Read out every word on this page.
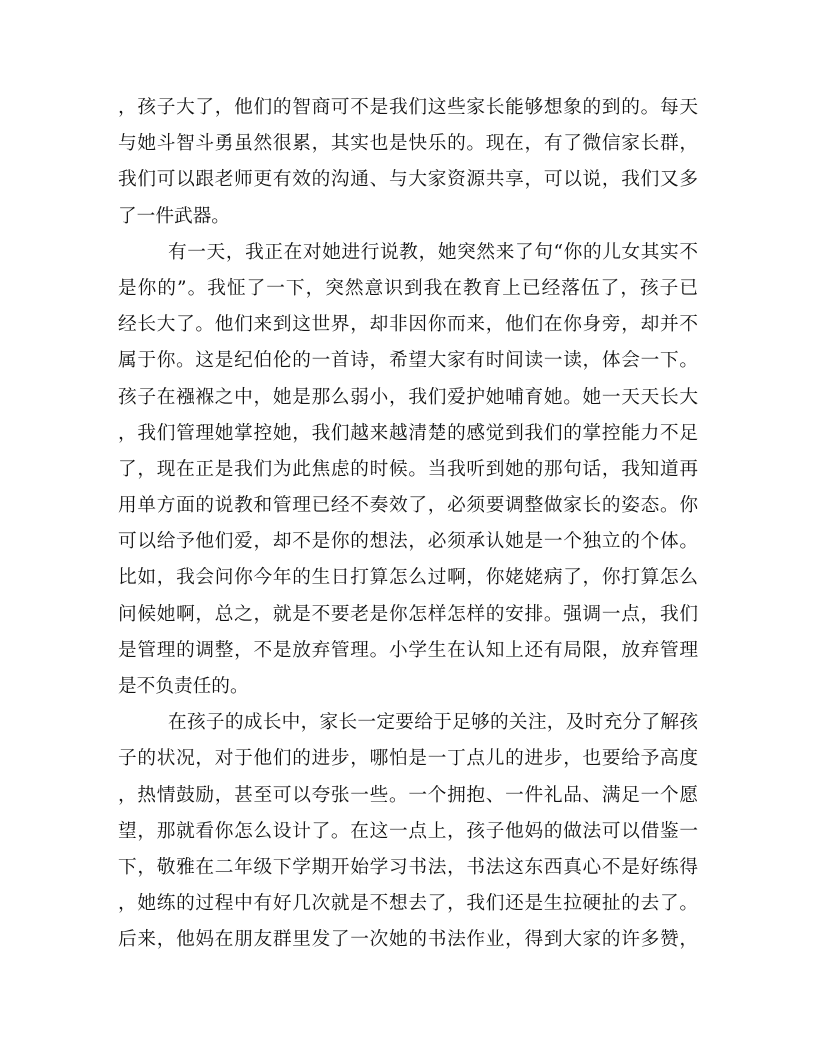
，孩子大了，他们的智商可不是我们这些家长能够想象的到的。每天
与她斗智斗勇虽然很累，其实也是快乐的。现在，有了微信家长群，
我们可以跟老师更有效的沟通、与大家资源共享，可以说，我们又多
了一件武器。
有一天，我正在对她进行说教，她突然来了句“你的儿女其实不
是你的”。我怔了一下，突然意识到我在教育上已经落伍了，孩子已
经长大了。他们来到这世界，却非因你而来，他们在你身旁，却并不
属于你。这是纪伯伦的一首诗，希望大家有时间读一读，体会一下。
孩子在襁褓之中，她是那么弱小，我们爱护她哺育她。她一天天长大
，我们管理她掌控她，我们越来越清楚的感觉到我们的掌控能力不足
了，现在正是我们为此焦虑的时候。当我听到她的那句话，我知道再
用单方面的说教和管理已经不奏效了，必须要调整做家长的姿态。你
可以给予他们爱，却不是你的想法，必须承认她是一个独立的个体。
比如，我会问你今年的生日打算怎么过啊，你姥姥病了，你打算怎么
问候她啊，总之，就是不要老是你怎样怎样的安排。强调一点，我们
是管理的调整，不是放弃管理。小学生在认知上还有局限，放弃管理
是不负责任的。
在孩子的成长中，家长一定要给于足够的关注，及时充分了解孩
子的状况，对于他们的进步，哪怕是一丁点儿的进步，也要给予高度
，热情鼓励，甚至可以夸张一些。一个拥抱、一件礼品、满足一个愿
望，那就看你怎么设计了。在这一点上，孩子他妈的做法可以借鉴一
下，敬雅在二年级下学期开始学习书法，书法这东西真心不是好练得
，她练的过程中有好几次就是不想去了，我们还是生拉硬扯的去了。
后来，他妈在朋友群里发了一次她的书法作业，得到大家的许多赞，
